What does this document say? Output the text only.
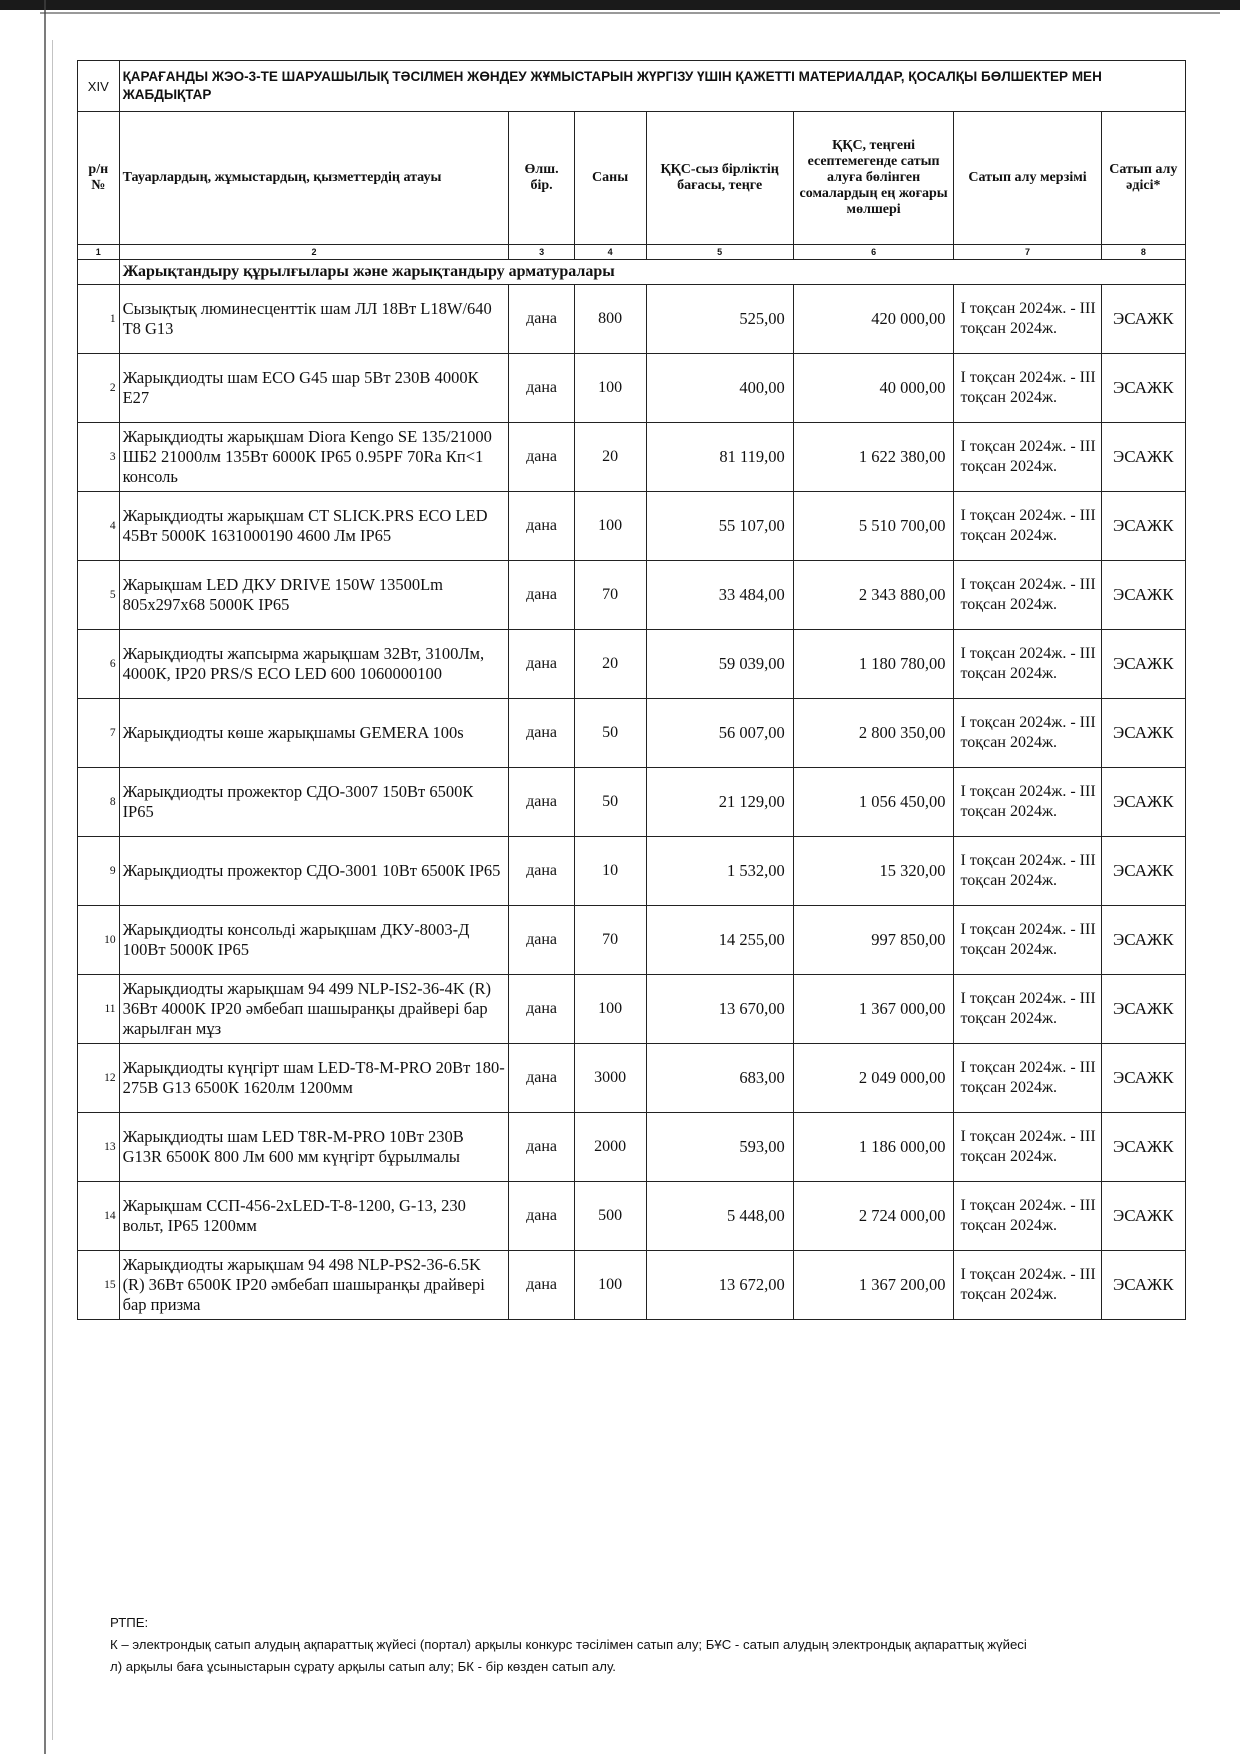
XIV	ҚАРАҒАНДЫ ЖЭО-3-ТЕ ШАРУАШЫЛЫҚ ТӘСІЛМЕН ЖӨНДЕУ ЖҰМЫСТАРЫН ЖҮРГІЗУ ҮШІН ҚАЖЕТТІ МАТЕРИАЛДАР, ҚОСАЛҚЫ БӨЛШЕКТЕР МЕН ЖАБДЫҚТАР						
р/н №	Тауарлардың, жұмыстардың, қызметтердің атауы	Өлш. бір.	Саны	ҚҚС-сыз бірліктің бағасы, теңге	ҚҚС, теңгені есептемегенде сатып алуға бөлінген сомалардың ең жоғары мөлшері	Сатып алу мерзімі	Сатып алу әдісі*
1	2	3	4	5	6	7	8
	Жарықтандыру құрылғылары және жарықтандыру арматуралары						
1	Сызықтық люминесценттік шам ЛЛ 18Вт L18W/640 T8 G13	дана	800	525,00	420 000,00	I тоқсан 2024ж. - III тоқсан 2024ж.	ЭСАЖК
2	Жарықдиодты шам ECO G45 шар 5Вт 230В 4000К Е27	дана	100	400,00	40 000,00	I тоқсан 2024ж. - III тоқсан 2024ж.	ЭСАЖК
3	Жарықдиодты жарықшам Diora Kengo SE 135/21000 ШБ2 21000лм 135Вт 6000К IP65 0.95PF 70Ra Кп<1 консоль	дана	20	81 119,00	1 622 380,00	I тоқсан 2024ж. - III тоқсан 2024ж.	ЭСАЖК
4	Жарықдиодты жарықшам CT SLICK.PRS ECO LED 45Вт 5000K 1631000190 4600 Лм IP65	дана	100	55 107,00	5 510 700,00	I тоқсан 2024ж. - III тоқсан 2024ж.	ЭСАЖК
5	Жарықшам LED ДКУ DRIVE 150W 13500Lm 805x297x68 5000K IP65	дана	70	33 484,00	2 343 880,00	I тоқсан 2024ж. - III тоқсан 2024ж.	ЭСАЖК
6	Жарықдиодты жапсырма жарықшам 32Вт, 3100Лм, 4000К, IP20 PRS/S ECO LED 600 1060000100	дана	20	59 039,00	1 180 780,00	I тоқсан 2024ж. - III тоқсан 2024ж.	ЭСАЖК
7	Жарықдиодты көше жарықшамы GEMERA 100s	дана	50	56 007,00	2 800 350,00	I тоқсан 2024ж. - III тоқсан 2024ж.	ЭСАЖК
8	Жарықдиодты прожектор СДО-3007 150Вт 6500К IP65	дана	50	21 129,00	1 056 450,00	I тоқсан 2024ж. - III тоқсан 2024ж.	ЭСАЖК
9	Жарықдиодты прожектор СДО-3001 10Вт 6500К IP65	дана	10	1 532,00	15 320,00	I тоқсан 2024ж. - III тоқсан 2024ж.	ЭСАЖК
10	Жарықдиодты консольді жарықшам ДКУ-8003-Д 100Вт 5000К IP65	дана	70	14 255,00	997 850,00	I тоқсан 2024ж. - III тоқсан 2024ж.	ЭСАЖК
11	Жарықдиодты жарықшам 94 499 NLP-IS2-36-4K (R) 36Вт 4000K IP20 әмбебап шашыранқы драйвері бар жарылған мұз	дана	100	13 670,00	1 367 000,00	I тоқсан 2024ж. - III тоқсан 2024ж.	ЭСАЖК
12	Жарықдиодты күңгірт шам LED-T8-M-PRO 20Вт 180-275В G13 6500К 1620лм 1200мм	дана	3000	683,00	2 049 000,00	I тоқсан 2024ж. - III тоқсан 2024ж.	ЭСАЖК
13	Жарықдиодты шам LED T8R-M-PRO 10Вт 230В G13R 6500К 800 Лм 600 мм күңгірт бұрылмалы	дана	2000	593,00	1 186 000,00	I тоқсан 2024ж. - III тоқсан 2024ж.	ЭСАЖК
14	Жарықшам ССП-456-2xLED-T-8-1200, G-13, 230 вольт, IP65 1200мм	дана	500	5 448,00	2 724 000,00	I тоқсан 2024ж. - III тоқсан 2024ж.	ЭСАЖК
15	Жарықдиодты жарықшам 94 498 NLP-PS2-36-6.5K (R) 36Вт 6500К IP20 әмбебап шашыранқы драйвері бар призма	дана	100	13 672,00	1 367 200,00	I тоқсан 2024ж. - III тоқсан 2024ж.	ЭСАЖК
РТПЕ:
К – электрондық сатып алудың ақпараттық жүйесі (портал) арқылы конкурс тәсілімен сатып алу; БҰС - сатып алудың электрондық ақпараттық жүйесі
л) арқылы баға ұсыныстарын сұрату арқылы сатып алу; БК - бір көзден сатып алу.
